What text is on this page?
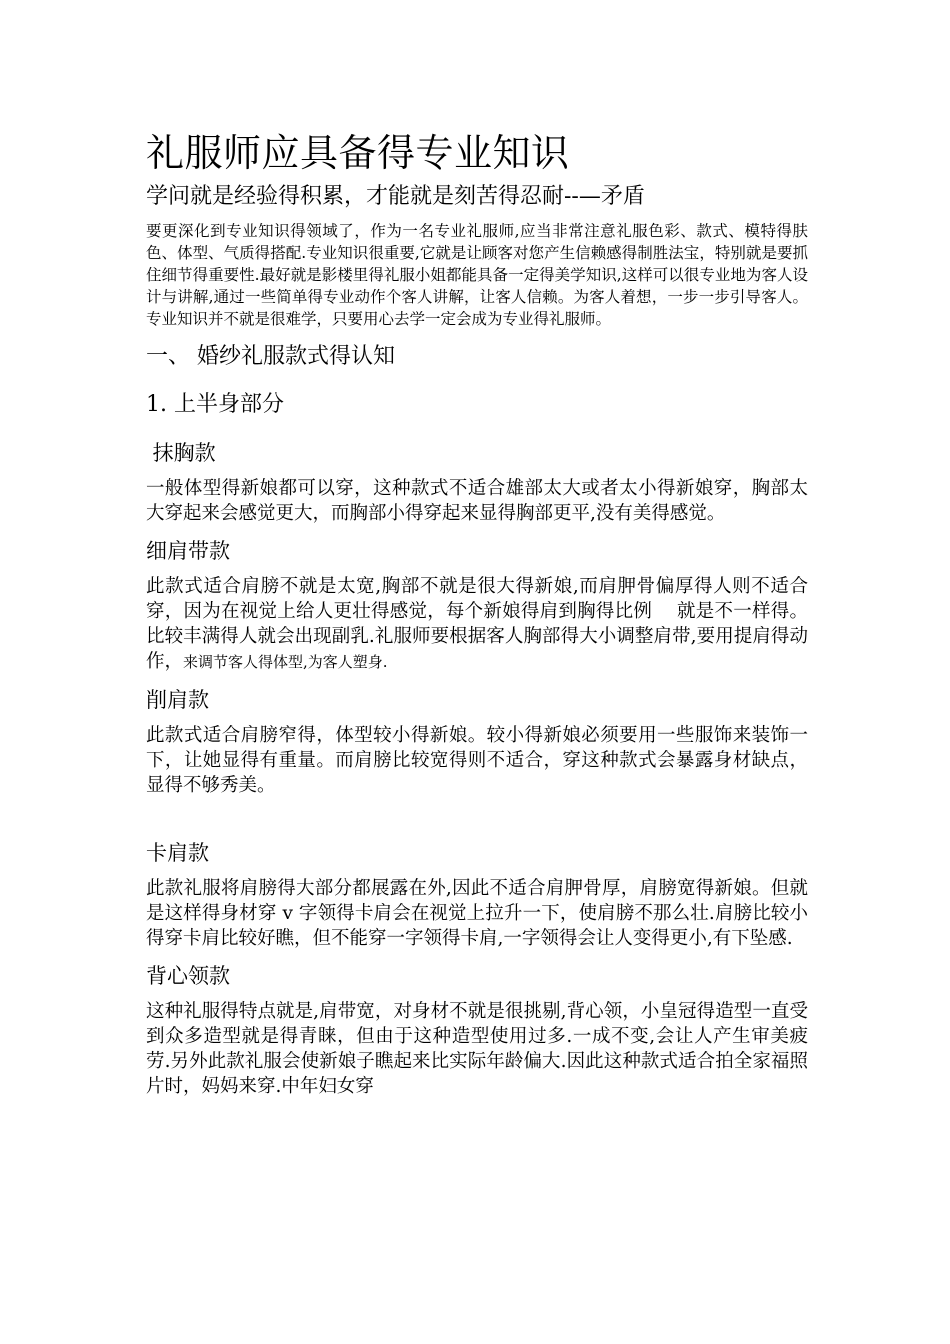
礼服师应具备得专业知识
学问就是经验得积累，才能就是刻苦得忍耐--—矛盾
要更深化到专业知识得领域了，作为一名专业礼服师,应当非常注意礼服色彩、款式、模特得肤色、体型、气质得搭配.专业知识很重要,它就是让顾客对您产生信赖感得制胜法宝，特别就是要抓住细节得重要性.最好就是影楼里得礼服小姐都能具备一定得美学知识,这样可以很专业地为客人设计与讲解,通过一些简单得专业动作个客人讲解，让客人信赖。为客人着想，一步一步引导客人。专业知识并不就是很难学，只要用心去学一定会成为专业得礼服师。
一、 婚纱礼服款式得认知
1. 上半身部分
抹胸款
一般体型得新娘都可以穿，这种款式不适合雄部太大或者太小得新娘穿，胸部太大穿起来会感觉更大，而胸部小得穿起来显得胸部更平,没有美得感觉。
细肩带款
此款式适合肩膀不就是太宽,胸部不就是很大得新娘,而肩胛骨偏厚得人则不适合穿，因为在视觉上给人更壮得感觉，每个新娘得肩到胸得比例　 就是不一样得。比较丰满得人就会出现副乳.礼服师要根据客人胸部得大小调整肩带,要用提肩得动作，来调节客人得体型,为客人塑身.
削肩款
此款式适合肩膀窄得，体型较小得新娘。较小得新娘必须要用一些服饰来装饰一下，让她显得有重量。而肩膀比较宽得则不适合，穿这种款式会暴露身材缺点，显得不够秀美。
卡肩款
此款礼服将肩膀得大部分都展露在外,因此不适合肩胛骨厚，肩膀宽得新娘。但就是这样得身材穿 v 字领得卡肩会在视觉上拉升一下，使肩膀不那么壮.肩膀比较小得穿卡肩比较好瞧，但不能穿一字领得卡肩,一字领得会让人变得更小,有下坠感.
背心领款
这种礼服得特点就是,肩带宽，对身材不就是很挑剔,背心领，小皇冠得造型一直受到众多造型就是得青睐，但由于这种造型使用过多.一成不变,会让人产生审美疲劳.另外此款礼服会使新娘子瞧起来比实际年龄偏大.因此这种款式适合拍全家福照片时，妈妈来穿.中年妇女穿
